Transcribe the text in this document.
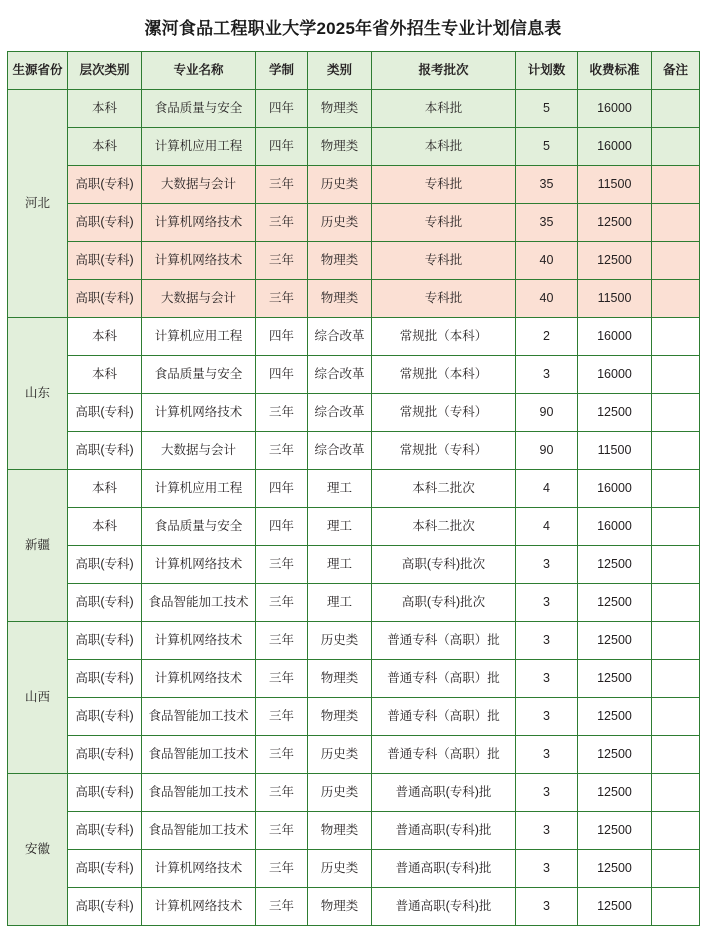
漯河食品工程职业大学2025年省外招生专业计划信息表
生源省份	层次类别	专业名称	学制	类别	报考批次	计划数	收费标准	备注
河北	本科	食品质量与安全	四年	物理类	本科批	5	16000	
	本科	计算机应用工程	四年	物理类	本科批	5	16000	
	高职(专科)	大数据与会计	三年	历史类	专科批	35	11500	
	高职(专科)	计算机网络技术	三年	历史类	专科批	35	12500	
	高职(专科)	计算机网络技术	三年	物理类	专科批	40	12500	
	高职(专科)	大数据与会计	三年	物理类	专科批	40	11500	
山东	本科	计算机应用工程	四年	综合改革	常规批（本科）	2	16000	
	本科	食品质量与安全	四年	综合改革	常规批（本科）	3	16000	
	高职(专科)	计算机网络技术	三年	综合改革	常规批（专科）	90	12500	
	高职(专科)	大数据与会计	三年	综合改革	常规批（专科）	90	11500	
新疆	本科	计算机应用工程	四年	理工	本科二批次	4	16000	
	本科	食品质量与安全	四年	理工	本科二批次	4	16000	
	高职(专科)	计算机网络技术	三年	理工	高职(专科)批次	3	12500	
	高职(专科)	食品智能加工技术	三年	理工	高职(专科)批次	3	12500	
山西	高职(专科)	计算机网络技术	三年	历史类	普通专科（高职）批	3	12500	
	高职(专科)	计算机网络技术	三年	物理类	普通专科（高职）批	3	12500	
	高职(专科)	食品智能加工技术	三年	物理类	普通专科（高职）批	3	12500	
	高职(专科)	食品智能加工技术	三年	历史类	普通专科（高职）批	3	12500	
安徽	高职(专科)	食品智能加工技术	三年	历史类	普通高职(专科)批	3	12500	
	高职(专科)	食品智能加工技术	三年	物理类	普通高职(专科)批	3	12500	
	高职(专科)	计算机网络技术	三年	历史类	普通高职(专科)批	3	12500	
	高职(专科)	计算机网络技术	三年	物理类	普通高职(专科)批	3	12500	
